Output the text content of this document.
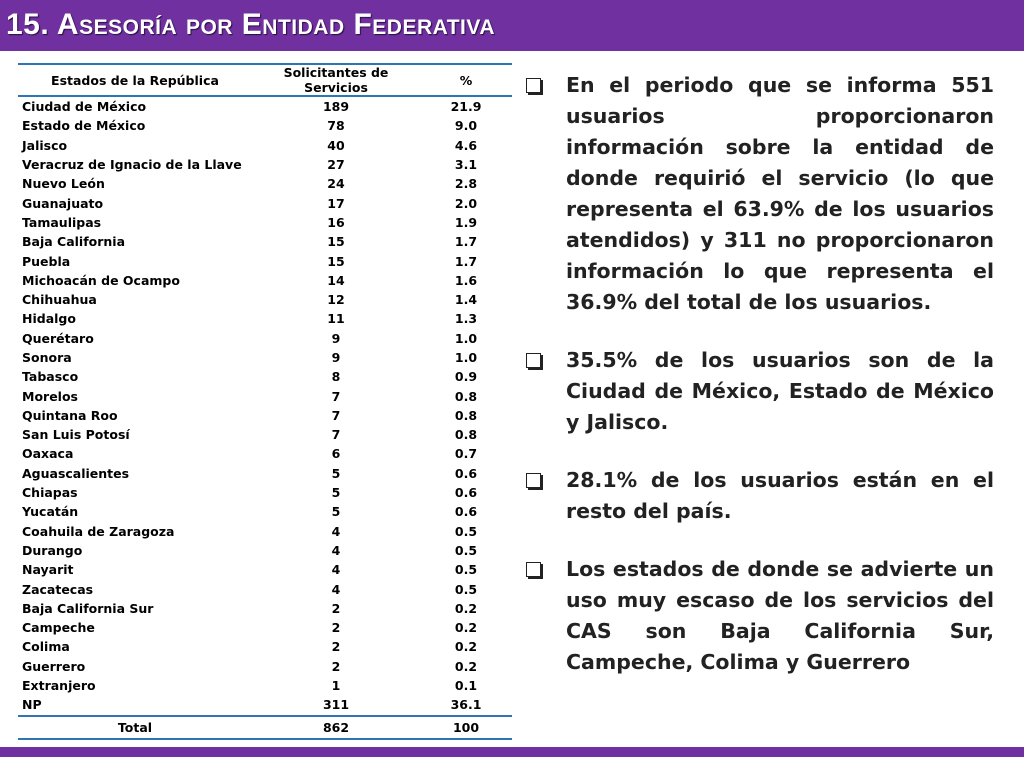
15. Asesoría por Entidad Federativa
Estados de la República	Solicitantes de Servicios	%
Ciudad de México	189	21.9
Estado de México	78	9.0
Jalisco	40	4.6
Veracruz de Ignacio de la Llave	27	3.1
Nuevo León	24	2.8
Guanajuato	17	2.0
Tamaulipas	16	1.9
Baja California	15	1.7
Puebla	15	1.7
Michoacán de Ocampo	14	1.6
Chihuahua	12	1.4
Hidalgo	11	1.3
Querétaro	9	1.0
Sonora	9	1.0
Tabasco	8	0.9
Morelos	7	0.8
Quintana Roo	7	0.8
San Luis Potosí	7	0.8
Oaxaca	6	0.7
Aguascalientes	5	0.6
Chiapas	5	0.6
Yucatán	5	0.6
Coahuila de Zaragoza	4	0.5
Durango	4	0.5
Nayarit	4	0.5
Zacatecas	4	0.5
Baja California Sur	2	0.2
Campeche	2	0.2
Colima	2	0.2
Guerrero	2	0.2
Extranjero	1	0.1
NP	311	36.1
Total	862	100
En el periodo que se informa 551 usuarios proporcionaron información sobre la entidad de donde requirió el servicio (lo que representa el 63.9% de los usuarios atendidos) y 311 no proporcionaron información lo que representa el 36.9% del total de los usuarios.
35.5% de los usuarios son de la Ciudad de México, Estado de México y Jalisco.
28.1% de los usuarios están en el resto del país.
Los estados de donde se advierte un uso muy escaso de los servicios del CAS son Baja California Sur, Campeche, Colima y Guerrero
